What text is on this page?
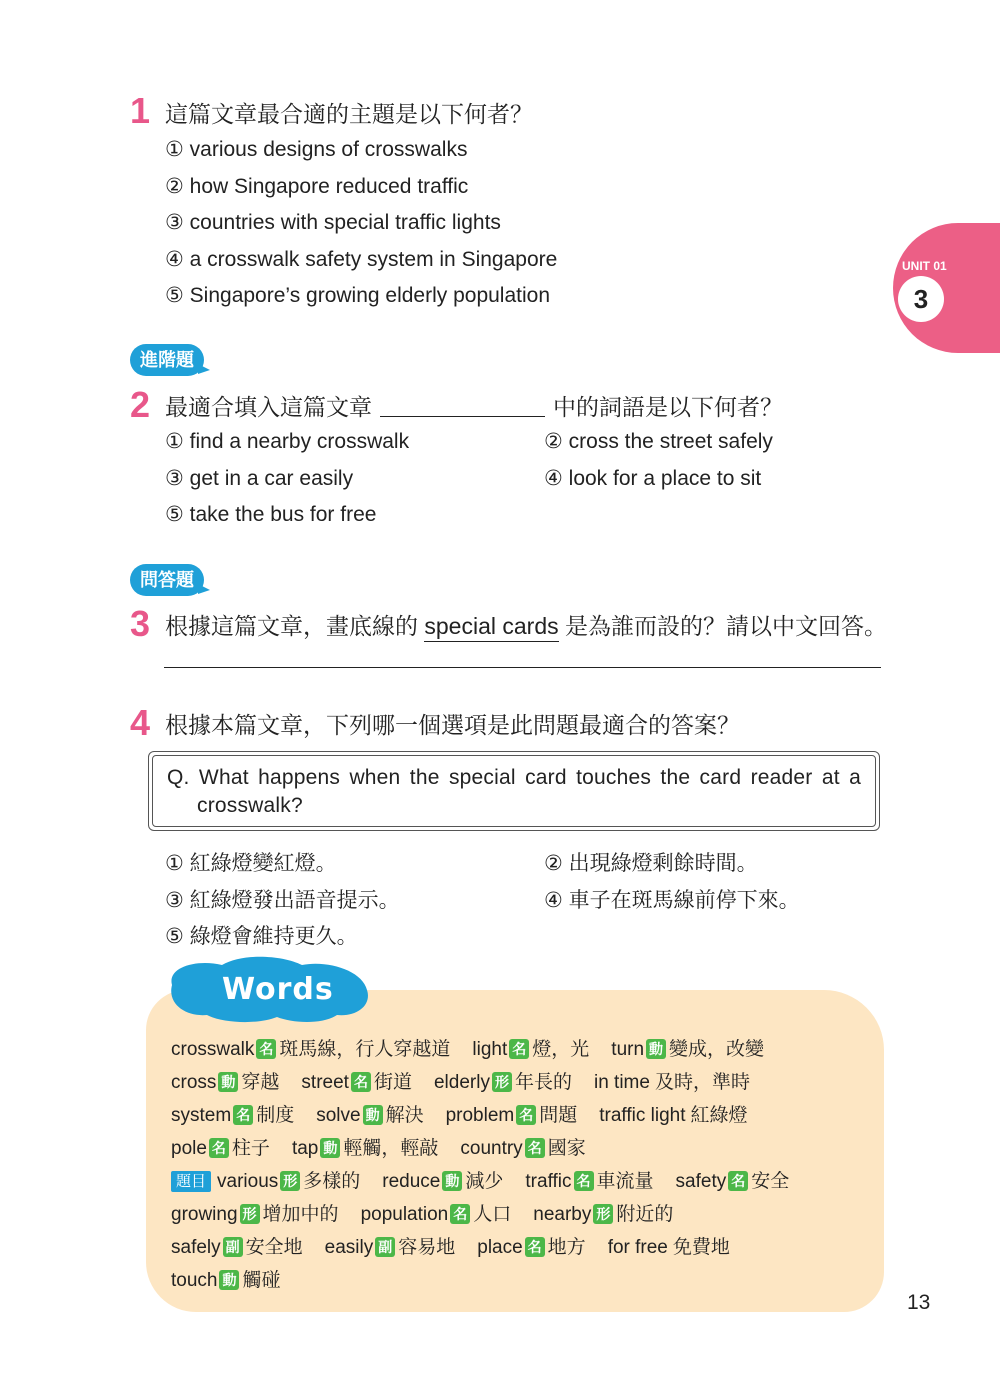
UNIT 01
3
1 這篇文章最合適的主題是以下何者？
① various designs of crosswalks
② how Singapore reduced traffic
③ countries with special traffic lights
④ a crosswalk safety system in Singapore
⑤ Singapore’s growing elderly population
進階題
2 最適合填入這篇文章	中的詞語是以下何者？
① find a nearby crosswalk	② cross the street safely
③ get in a car easily	④ look for a place to sit
⑤ take the bus for free
問答題
3 根據這篇文章，畫底線的 special cards 是為誰而設的？請以中文回答。
4 根據本篇文章，下列哪一個選項是此問題最適合的答案？
Q. What happens when the special card touches the card reader at a crosswalk?
① 紅綠燈變紅燈。	② 出現綠燈剩餘時間。
③ 紅綠燈發出語音提示。	④ 車子在斑馬線前停下來。
⑤ 綠燈會維持更久。
Words
crosswalk 名 斑馬線，行人穿越道 light 名 燈，光 turn 動 變成，改變
cross 動 穿越 street 名 街道 elderly 形 年長的 in time 及時，準時
system 名 制度 solve 動 解決 problem 名 問題 traffic light 紅綠燈
pole 名 柱子 tap 動 輕觸，輕敲 country 名 國家
題目 various 形 多樣的 reduce 動 減少 traffic 名 車流量 safety 名 安全
growing 形 增加中的 population 名 人口 nearby 形 附近的
safely 副 安全地 easily 副 容易地 place 名 地方 for free 免費地
touch 動 觸碰
13
